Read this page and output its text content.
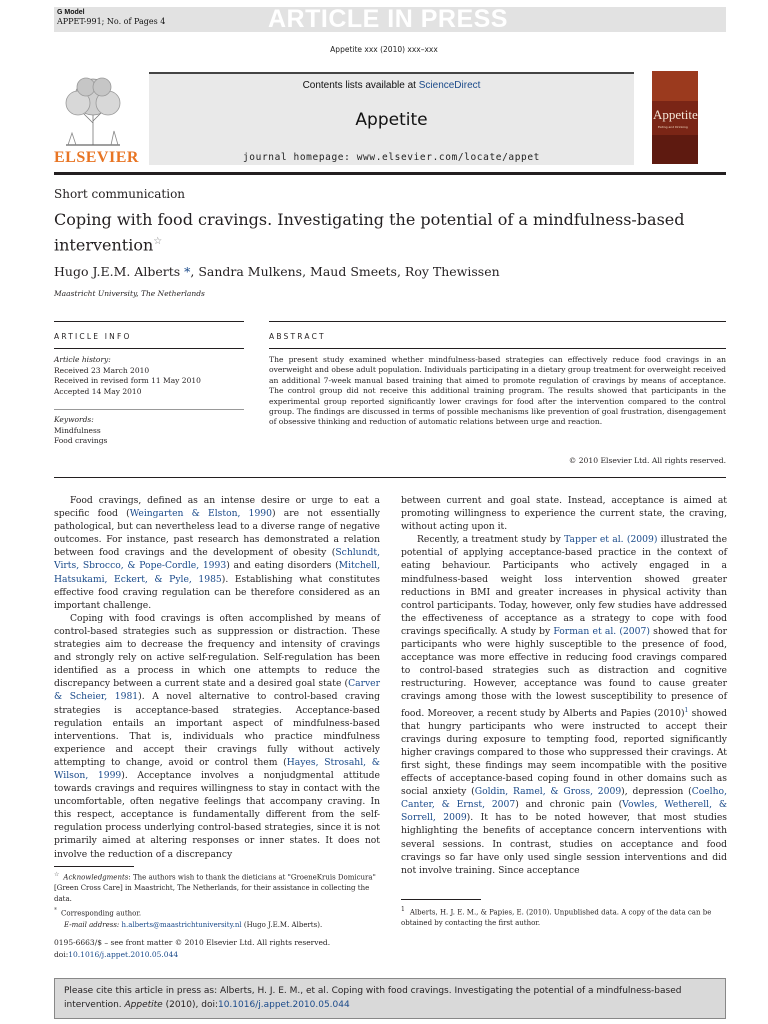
G Model
APPET-991; No. of Pages 4	ARTICLE IN PRESS
Appetite xxx (2010) xxx–xxx
ELSEVIER
Contents lists available at ScienceDirect
Appetite
journal homepage: www.elsevier.com/locate/appet
Appetite
Eating and Drinking
Short communication
Coping with food cravings. Investigating the potential of a mindfulness-based intervention☆
Hugo J.E.M. Alberts *, Sandra Mulkens, Maud Smeets, Roy Thewissen
Maastricht University, The Netherlands
ARTICLE INFO	ABSTRACT
Article history:
Received 23 March 2010
Received in revised form 11 May 2010
Accepted 14 May 2010
Keywords:
Mindfulness
Food cravings
The present study examined whether mindfulness-based strategies can effectively reduce food cravings in an overweight and obese adult population. Individuals participating in a dietary group treatment for overweight received an additional 7-week manual based training that aimed to promote regulation of cravings by means of acceptance. The control group did not receive this additional training program. The results showed that participants in the experimental group reported significantly lower cravings for food after the intervention compared to the control group. The findings are discussed in terms of possible mechanisms like prevention of goal frustration, disengagement of obsessive thinking and reduction of automatic relations between urge and reaction.
© 2010 Elsevier Ltd. All rights reserved.

Food cravings, defined as an intense desire or urge to eat a specific food (Weingarten & Elston, 1990) are not essentially pathological, but can nevertheless lead to a diverse range of negative outcomes. For instance, past research has demonstrated a relation between food cravings and the development of obesity (Schlundt, Virts, Sbrocco, & Pope-Cordle, 1993) and eating disorders (Mitchell, Hatsukami, Eckert, & Pyle, 1985). Establishing what constitutes effective food craving regulation can be therefore considered as an important challenge.

Coping with food cravings is often accomplished by means of control-based strategies such as suppression or distraction. These strategies aim to decrease the frequency and intensity of cravings and strongly rely on active self-regulation. Self-regulation has been identified as a process in which one attempts to reduce the discrepancy between a current state and a desired goal state (Carver & Scheier, 1981). A novel alternative to control-based craving strategies is acceptance-based strategies. Acceptance-based regulation entails an important aspect of mindfulness-based interventions. That is, individuals who practice mindfulness experience and accept their cravings fully without actively attempting to change, avoid or control them (Hayes, Strosahl, & Wilson, 1999). Acceptance involves a nonjudgmental attitude towards cravings and requires willingness to stay in contact with the uncomfortable, often negative feelings that accompany craving. In this respect, acceptance is fundamentally different from the self-regulation process underlying control-based strategies, since it is not primarily aimed at altering responses or inner states. It does not involve the reduction of a discrepancy

between current and goal state. Instead, acceptance is aimed at promoting willingness to experience the current state, the craving, without acting upon it.

Recently, a treatment study by Tapper et al. (2009) illustrated the potential of applying acceptance-based practice in the context of eating behaviour. Participants who actively engaged in a mindfulness-based weight loss intervention showed greater reductions in BMI and greater increases in physical activity than control participants. Today, however, only few studies have addressed the effectiveness of acceptance as a strategy to cope with food cravings specifically. A study by Forman et al. (2007) showed that for participants who were highly susceptible to the presence of food, acceptance was more effective in reducing food cravings compared to control-based strategies such as distraction and cognitive restructuring. However, acceptance was found to cause greater cravings among those with the lowest susceptibility to presence of food. Moreover, a recent study by Alberts and Papies $(2010)^1$ showed that hungry participants who were instructed to accept their cravings during exposure to tempting food, reported significantly higher cravings compared to those who suppressed their cravings. At first sight, these findings may seem incompatible with the positive effects of acceptance-based coping found in other domains such as social anxiety (Goldin, Ramel, & Gross, 2009), depression (Coelho, Canter, & Ernst, 2007) and chronic pain (Vowles, Wetherell, & Sorrell, 2009). It has to be noted however, that most studies highlighting the benefits of acceptance concern interventions with several sessions. In contrast, studies on acceptance and food cravings so far have only used single session interventions and did not involve training. Since acceptance

☆ Acknowledgments: The authors wish to thank the dieticians at "GroeneKruis Domicura" [Green Cross Care] in Maastricht, The Netherlands, for their assistance in collecting the data.
* Corresponding author.
E-mail address: h.alberts@maastrichtuniversity.nl (Hugo J.E.M. Alberts).
$^1$ Alberts, H. J. E. M., & Papies, E. (2010). Unpublished data. A copy of the data can be obtained by contacting the first author.
0195-6663/$ – see front matter © 2010 Elsevier Ltd. All rights reserved.
doi:10.1016/j.appet.2010.05.044
Please cite this article in press as: Alberts, H. J. E. M., et al. Coping with food cravings. Investigating the potential of a mindfulness-based intervention. Appetite (2010), doi:10.1016/j.appet.2010.05.044
